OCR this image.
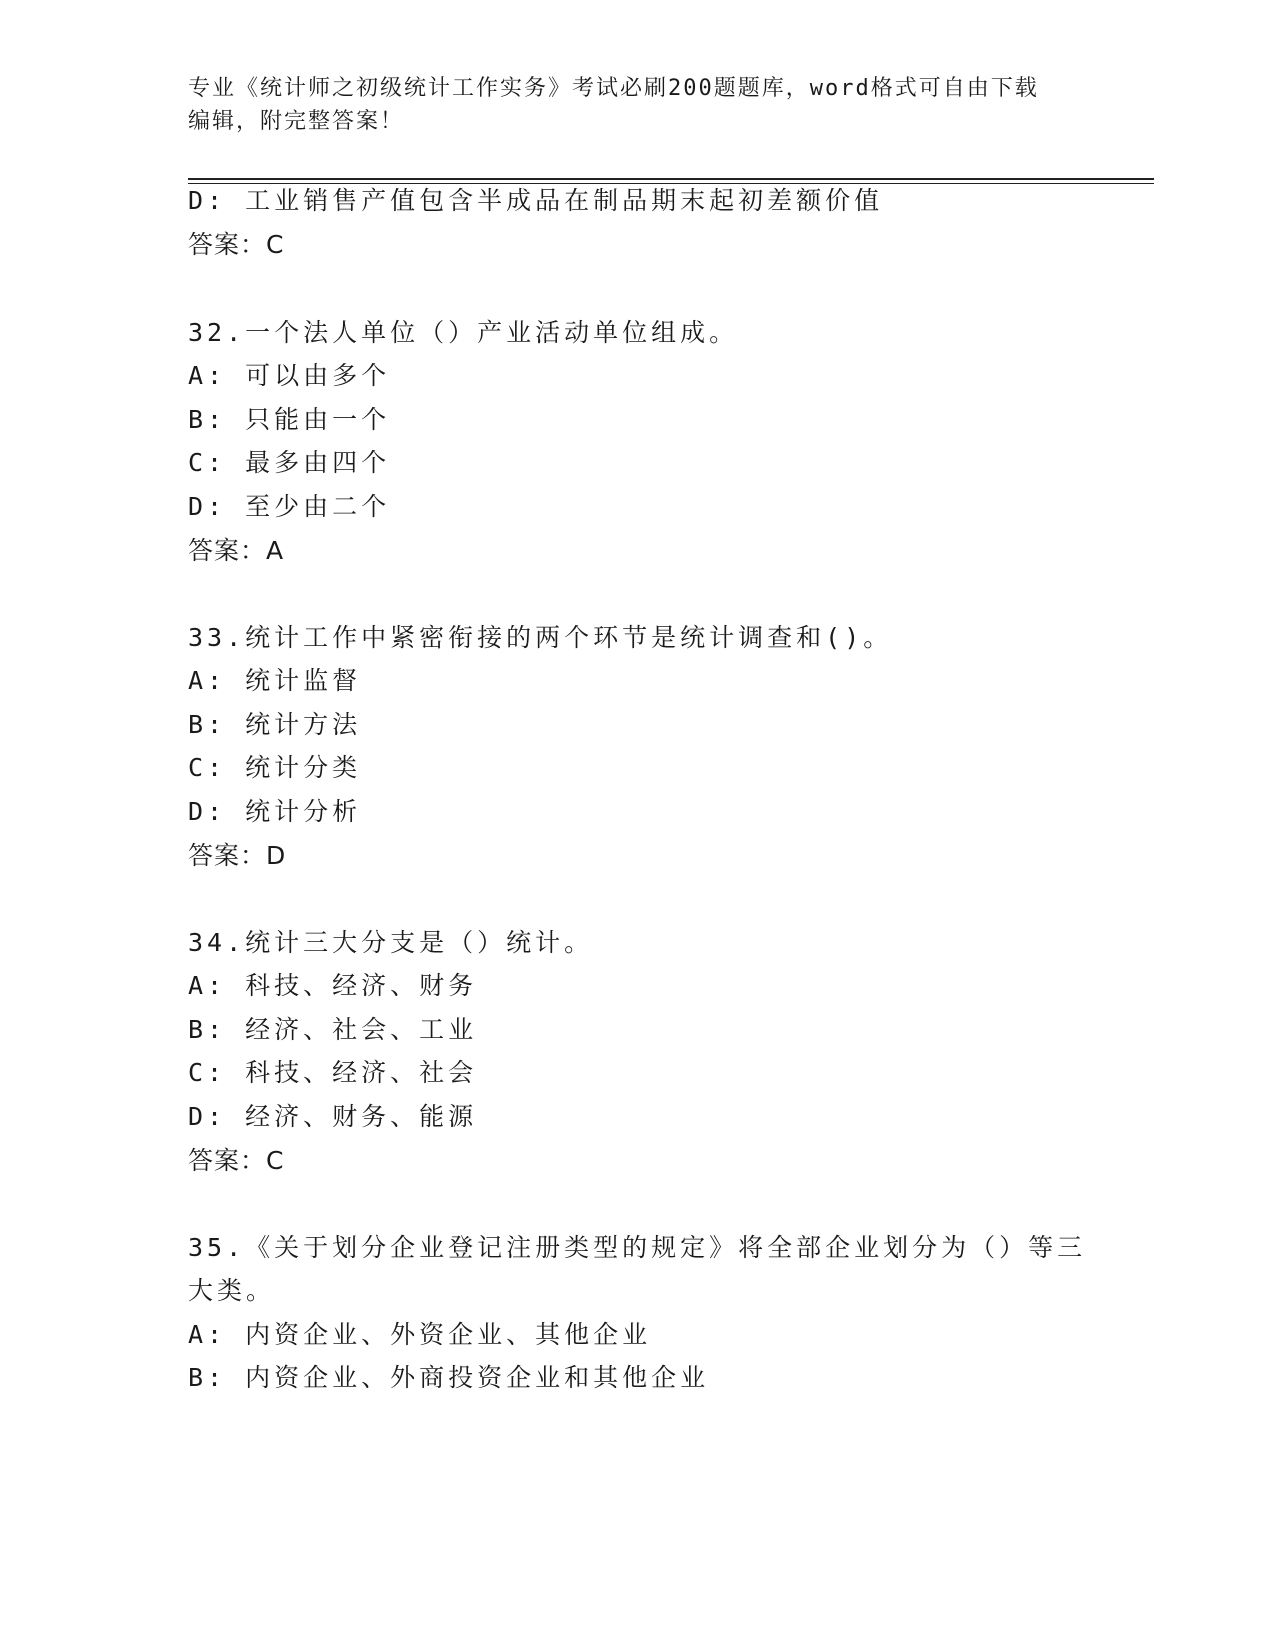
专业《统计师之初级统计工作实务》考试必刷200题题库，word格式可自由下载
编辑，附完整答案！
D: 工业销售产值包含半成品在制品期末起初差额价值
答案：C
32.一个法人单位（）产业活动单位组成。
A: 可以由多个
B: 只能由一个
C: 最多由四个
D: 至少由二个
答案：A
33.统计工作中紧密衔接的两个环节是统计调查和()。
A: 统计监督
B: 统计方法
C: 统计分类
D: 统计分析
答案：D
34.统计三大分支是（）统计。
A: 科技、经济、财务
B: 经济、社会、工业
C: 科技、经济、社会
D: 经济、财务、能源
答案：C
35.《关于划分企业登记注册类型的规定》将全部企业划分为（）等三
大类。
A: 内资企业、外资企业、其他企业
B: 内资企业、外商投资企业和其他企业
